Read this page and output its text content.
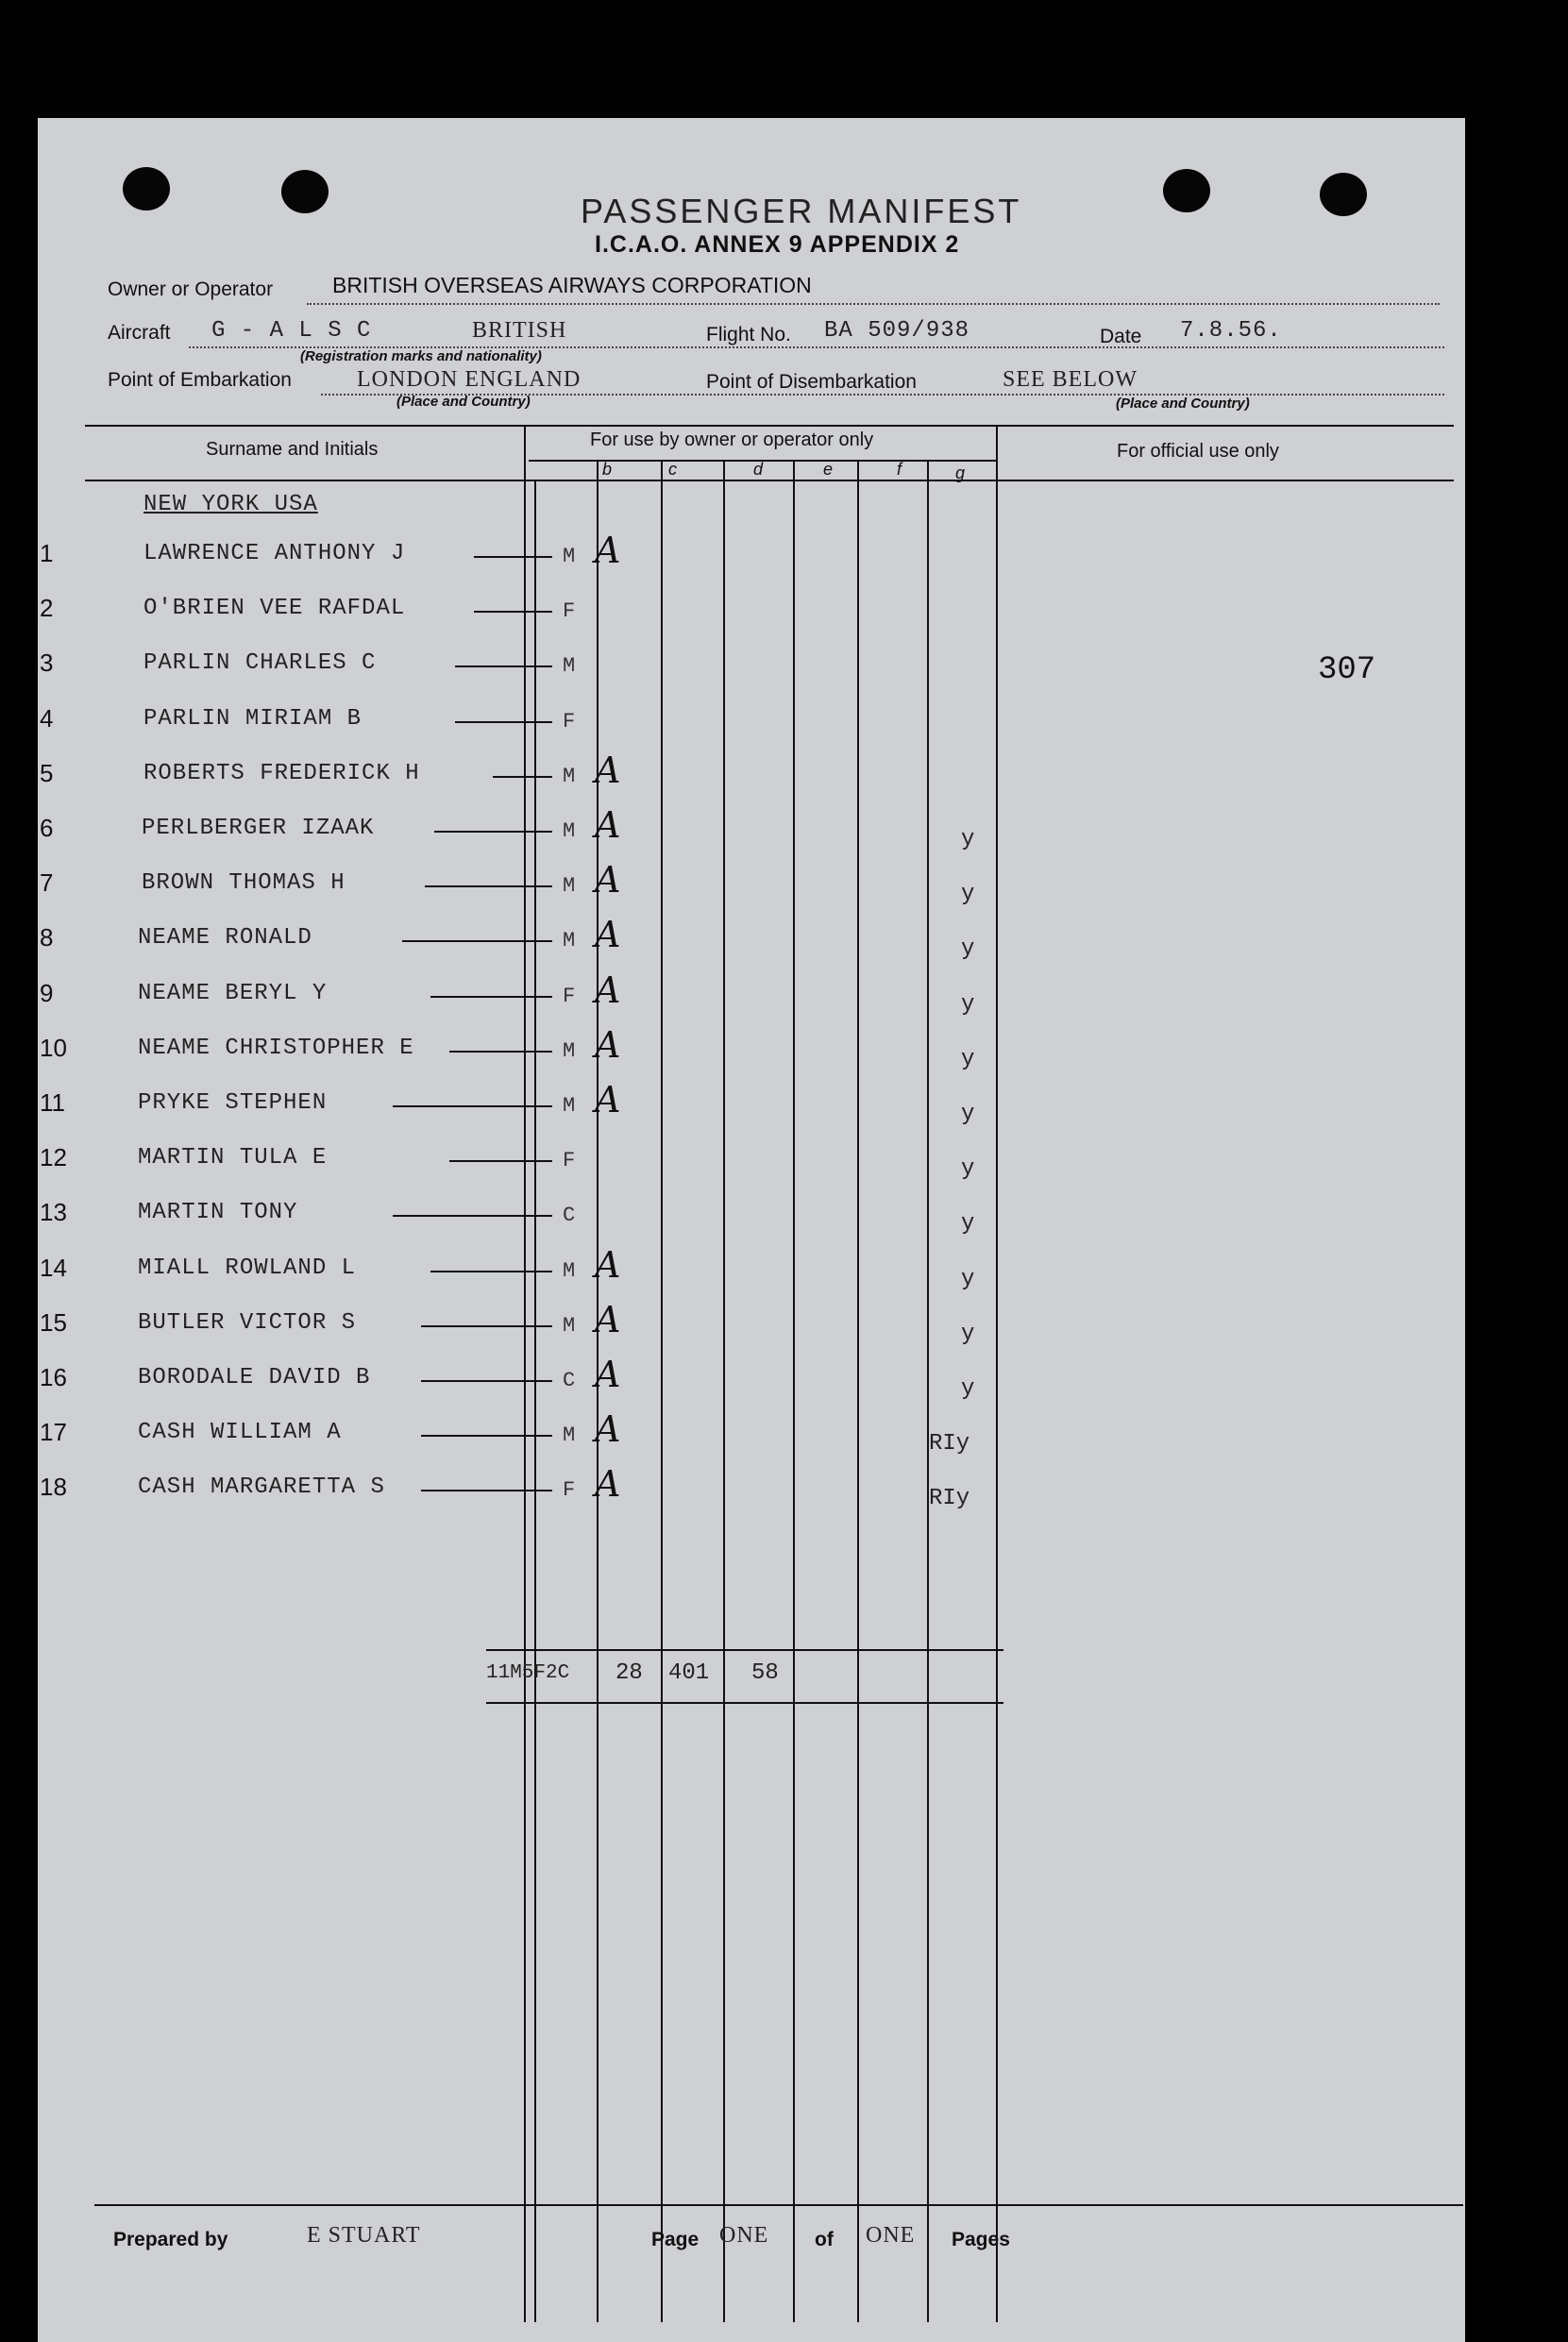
PASSENGER MANIFEST
I.C.A.O. ANNEX 9 APPENDIX 2
Owner or Operator	BRITISH OVERSEAS AIRWAYS CORPORATION
Aircraft G - A L S C	BRITISH
(Registration marks and nationality)
Flight No. BA 509/938	Date 7.8.56.
Point of Embarkation	LONDON ENGLAND
(Place and Country)
Point of Disembarkation	SEE BELOW
(Place and Country)
Surname and Initials	For use by owner or operator only
For official use only
b	c	d	e	f	g
NEW YORK USA
1	LAWRENCE ANTHONY J	M A
2	O'BRIEN VEE RAFDAL	F
3	PARLIN CHARLES C	M
4	PARLIN MIRIAM B	F
5	ROBERTS FREDERICK H	M A
6	PERLBERGER IZAAK	M A	y
7	BROWN THOMAS H	M A	y
8	NEAME RONALD	M A	y
9	NEAME BERYL Y	F A	y
10	NEAME CHRISTOPHER E	M A	y
11	PRYKE STEPHEN	M A	y
12	MARTIN TULA E	F	y
13	MARTIN TONY	C	y
14	MIALL ROWLAND L	M A	y
15	BUTLER VICTOR S	M A	y
16	BORODALE DAVID B	C A	y
17	CASH WILLIAM A	M A	RIy
18	CASH MARGARETTA S	F A	RIy
307
11M5F2C 28 401 58
Prepared by	E STUART	Page ONE of ONE Pages
